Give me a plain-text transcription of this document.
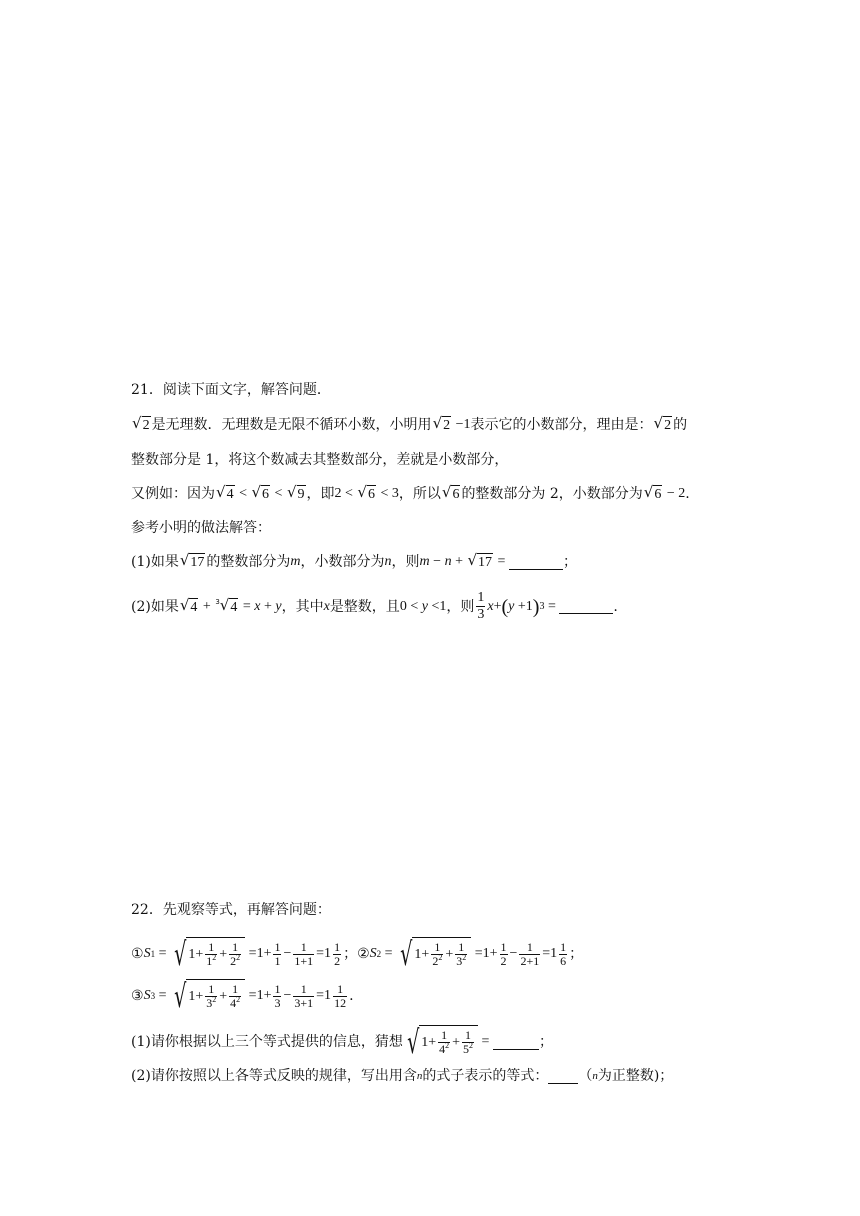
21．阅读下面文字，解答问题．
√ 2 是无理数．无理数是无限不循环小数，小明用 √ 2 −1 表示它的小数部分，理由是： √ 2 的
整数部分是 1，将这个数减去其整数部分，差就是小数部分，
又例如：因为 √ 4 < √ 6 < √ 9 ，即 2 < √ 6 < 3 ，所以 √ 6 的整数部分为 2，小数部分为 √ 6 − 2 .
参考小明的做法解答：
(1)如果 √ 17 的整数部分为 m ，小数部分为 n ，则 m − n + √ 17 =	；
(2)如果 √ 4 + $^3$√ 4 = x + y ，其中 x 是整数，且 0 < y <1 ，则 $\frac{1}{3}$ x + ( y +1 ) 3 =	.
22．先观察等式，再解答问题：
① S 1 = √ $1+ \frac{1}{1^2} + \frac{1}{2^2} =1+ \frac{1}{1} - \frac{1}{1+1} =1 \frac{1}{2}$ ； ② S 2 = √ $1+ \frac{1}{2^2} + \frac{1}{3^2} =1+ \frac{1}{2} - \frac{1}{2+1} =1 \frac{1}{6}$ ；
③ S 3 = √ $1+ \frac{1}{3^2} + \frac{1}{4^2} =1+ \frac{1}{3} - \frac{1}{3+1} =1 \frac{1}{12}$ .
(1)请你根据以上三个等式提供的信息，猜想 √ $1+ \frac{1}{4^2} + \frac{1}{5^2}$ =	；
(2)请你按照以上各等式反映的规律，写出用含 n 的式子表示的等式： （ n 为正整数)；
